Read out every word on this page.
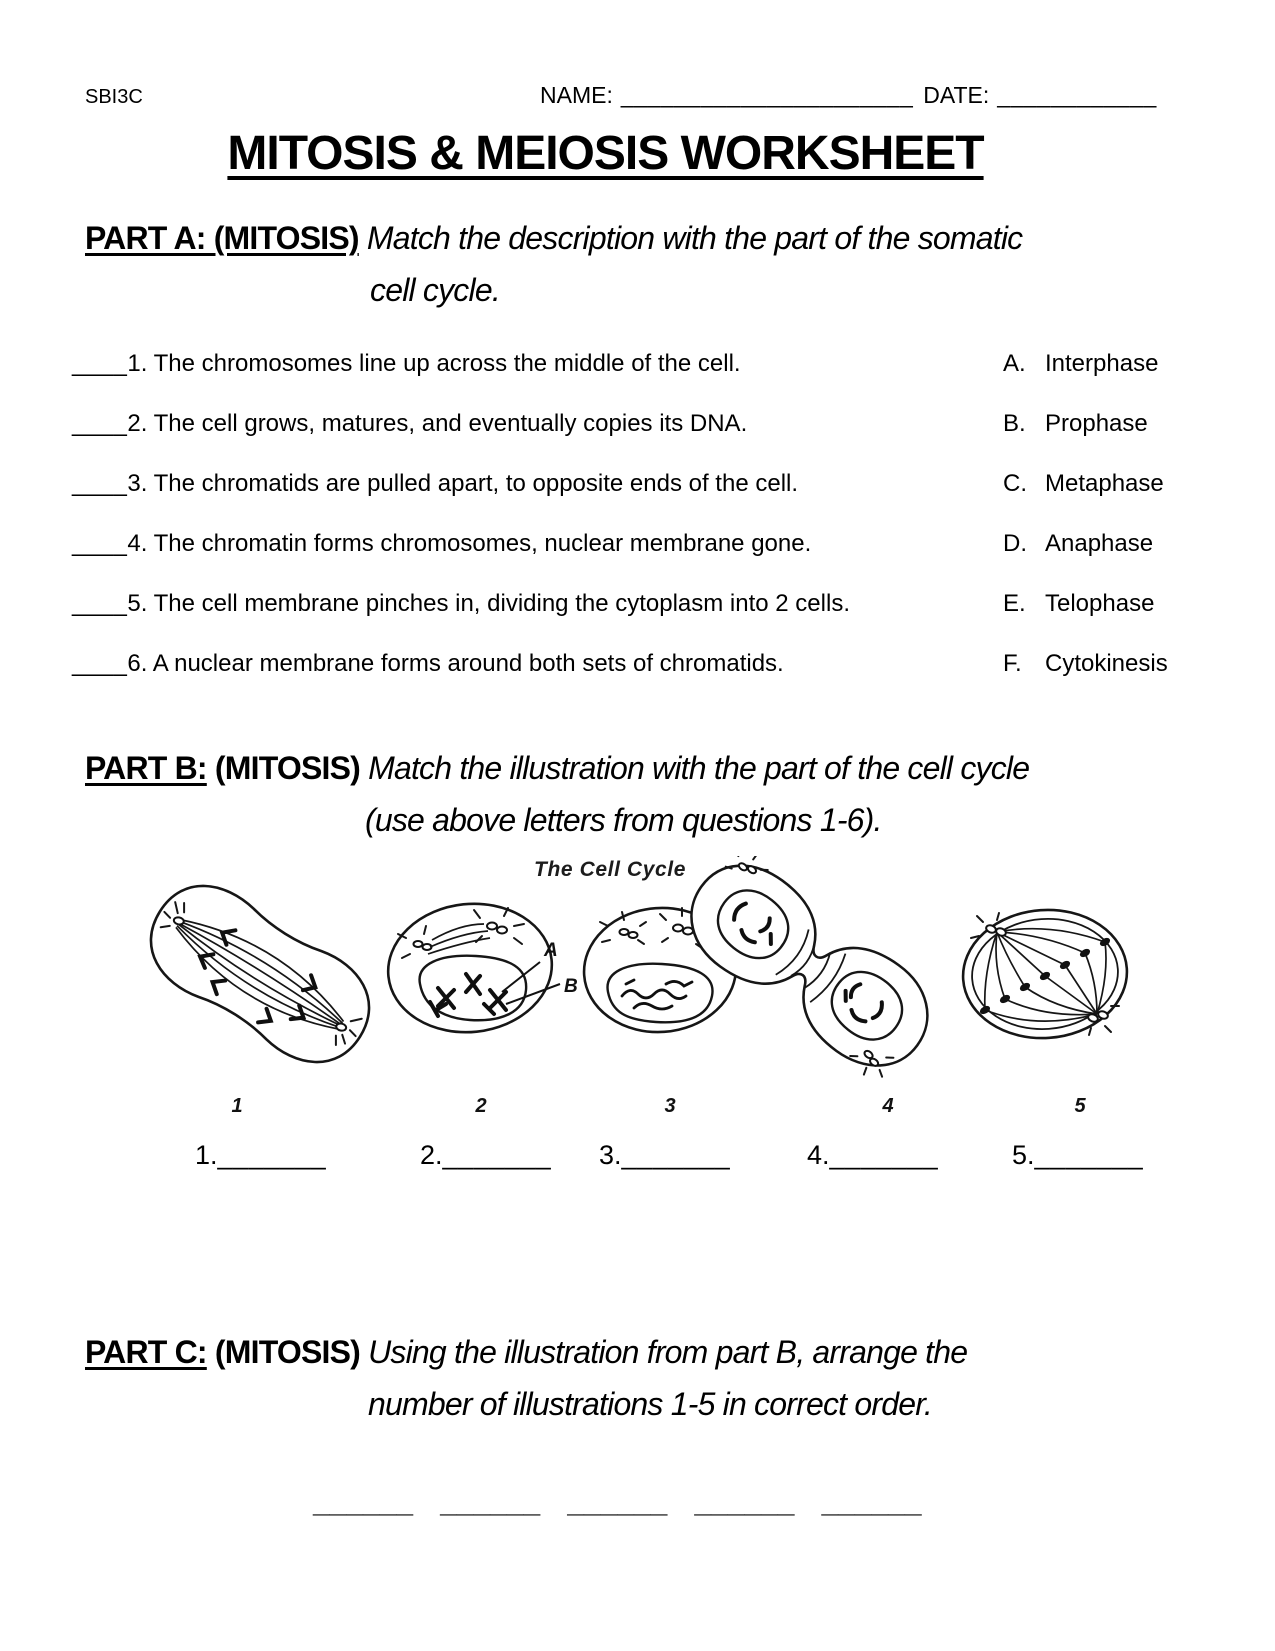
SBI3C	NAME: ______________________ DATE: ____________
MITOSIS & MEIOSIS WORKSHEET
PART A: (MITOSIS) Match the description with the part of the somatic
cell cycle.
____1. The chromosomes line up across the middle of the cell.	A. Interphase
____2. The cell grows, matures, and eventually copies its DNA.	B. Prophase
____3. The chromatids are pulled apart, to opposite ends of the cell.	C. Metaphase
____4. The chromatin forms chromosomes, nuclear membrane gone.	D. Anaphase
____5. The cell membrane pinches in, dividing the cytoplasm into 2 cells.	E. Telophase
____6. A nuclear membrane forms around both sets of chromatids.	F. Cytokinesis
PART B: (MITOSIS) Match the illustration with the part of the cell cycle
(use above letters from questions 1-6).
The Cell Cycle
A
B
1	2	3	4	5
1._______	2._______ 3._______	4._______	5._______
PART C: (MITOSIS) Using the illustration from part B, arrange the
number of illustrations 1-5 in correct order.
______ ______ ______ ______ ______
